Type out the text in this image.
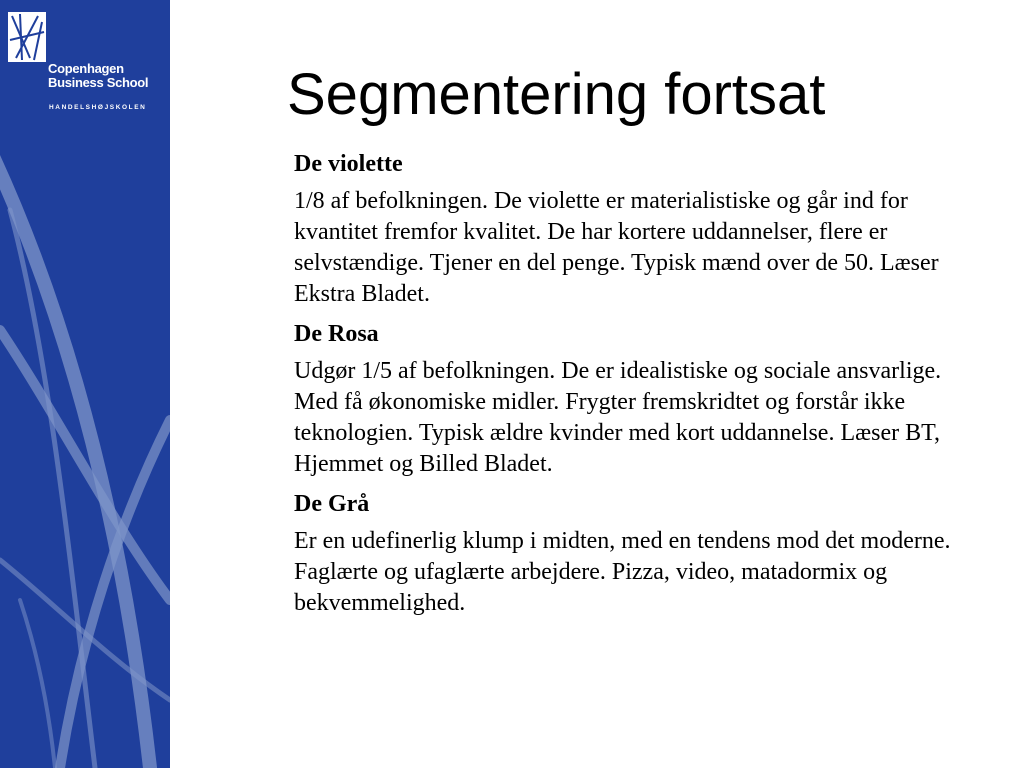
Copenhagen
Business School
HANDELSHØJSKOLEN Segmentering fortsat

De violette

1/8 af befolkningen. De violette er materialistiske og går ind for kvantitet fremfor kvalitet. De har kortere uddannelser, flere er selvstændige. Tjener en del penge. Typisk mænd over de 50. Læser Ekstra Bladet.

De Rosa

Udgør 1/5 af befolkningen. De er idealistiske og sociale ansvarlige. Med få økonomiske midler. Frygter fremskridtet og forstår ikke teknologien. Typisk ældre kvinder med kort uddannelse. Læser BT, Hjemmet og Billed Bladet.

De Grå

Er en udefinerlig klump i midten, med en tendens mod det moderne. Faglærte og ufaglærte arbejdere. Pizza, video, matadormix og bekvemmelighed.
